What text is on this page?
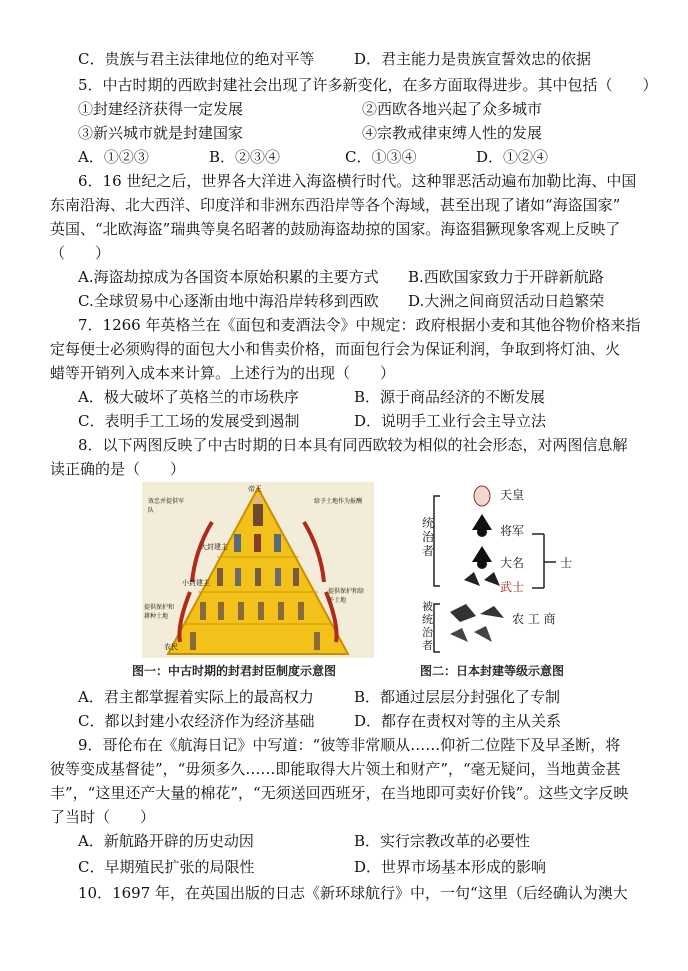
C．贵族与君主法律地位的绝对平等	D．君主能力是贵族宣誓效忠的依据
5．中古时期的西欧封建社会出现了许多新变化，在多方面取得进步。其中包括（　　）
①封建经济获得一定发展	②西欧各地兴起了众多城市
③新兴城市就是封建国家	④宗教戒律束缚人性的发展
A．①②③	B．②③④	C．①③④	D．①②④
6．16 世纪之后，世界各大洋进入海盗横行时代。这种罪恶活动遍布加勒比海、中国
东南沿海、北大西洋、印度洋和非洲东西沿岸等各个海域，甚至出现了诸如“海盗国家”
英国、“北欧海盗”瑞典等臭名昭著的鼓励海盗劫掠的国家。海盗猖獗现象客观上反映了
（　　）
A.海盗劫掠成为各国资本原始积累的主要方式 B.西欧国家致力于开辟新航路
C.全球贸易中心逐渐由地中海沿岸转移到西欧 D.大洲之间商贸活动日趋繁荣
7．1266 年英格兰在《面包和麦酒法令》中规定：政府根据小麦和其他谷物价格来指
定每便士必须购得的面包大小和售卖价格，而面包行会为保证利润，争取到将灯油、火
蜡等开销列入成本来计算。上述行为的出现（　　）
A．极大破坏了英格兰的市场秩序	B．源于商品经济的不断发展
C．表明手工工场的发展受到遏制	D．说明手工业行会主导立法
8．以下两图反映了中古时期的日本具有同西欧较为相似的社会形态，对两图信息解
读正确的是（　　）
帝王
大封建主
小封建主
农民
效忠并提供军队
提供保护和耕种土地
给予土地作为报酬
提供保护和给予土地
图一：中古时期的封君封臣制度示意图
统治者
被统治者
天皇
将军
大名
武士
士
农 工 商
图二：日本封建等级示意图
A．君主都掌握着实际上的最高权力	B．都通过层层分封强化了专制
C．都以封建小农经济作为经济基础	D．都存在责权对等的主从关系
9．哥伦布在《航海日记》中写道：“彼等非常顺从……仰祈二位陛下及早圣断，将
彼等变成基督徒”，“毋须多久……即能取得大片领土和财产”，“毫无疑问，当地黄金甚
丰”，“这里还产大量的棉花”，“无须送回西班牙，在当地即可卖好价钱”。这些文字反映
了当时（　　）
A．新航路开辟的历史动因	B．实行宗教改革的必要性
C．早期殖民扩张的局限性	D．世界市场基本形成的影响
10．1697 年，在英国出版的日志《新环球航行》中，一句“这里（后经确认为澳大
